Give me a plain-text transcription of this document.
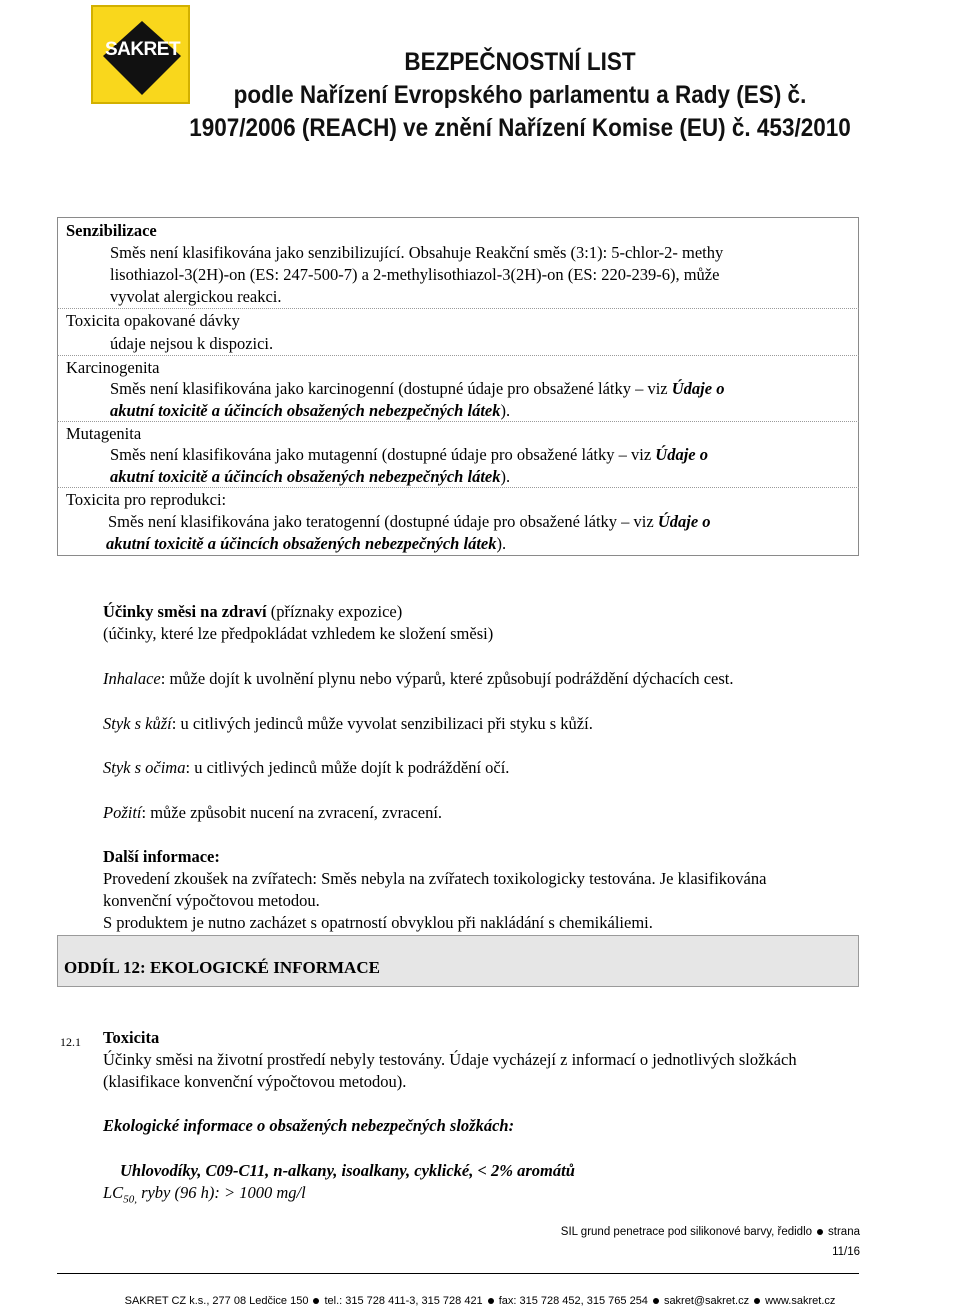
SAKRET	BEZPEČNOSTNÍ LIST
podle Nařízení Evropského parlamentu a Rady (ES) č.
1907/2006 (REACH) ve znění Nařízení Komise (EU) č. 453/2010
Senzibilizace
Směs není klasifikována jako senzibilizující. Obsahuje Reakční směs (3:1): 5-chlor-2- methy
lisothiazol-3(2H)-on (ES: 247-500-7) a 2-methylisothiazol-3(2H)-on (ES: 220-239-6), může
vyvolat alergickou reakci.
Toxicita opakované dávky
údaje nejsou k dispozici.
Karcinogenita
Směs není klasifikována jako karcinogenní (dostupné údaje pro obsažené látky – viz Údaje o
akutní toxicitě a účincích obsažených nebezpečných látek).
Mutagenita
Směs není klasifikována jako mutagenní (dostupné údaje pro obsažené látky – viz Údaje o
akutní toxicitě a účincích obsažených nebezpečných látek).
Toxicita pro reprodukci:
Směs není klasifikována jako teratogenní (dostupné údaje pro obsažené látky – viz Údaje o
akutní toxicitě a účincích obsažených nebezpečných látek).
Účinky směsi na zdraví (příznaky expozice)
(účinky, které lze předpokládat vzhledem ke složení směsi)
Inhalace: může dojít k uvolnění plynu nebo výparů, které způsobují podráždění dýchacích cest.
Styk s kůží: u citlivých jedinců může vyvolat senzibilizaci při styku s kůží.
Styk s očima: u citlivých jedinců může dojít k podráždění očí.
Požití: může způsobit nucení na zvracení, zvracení.
Další informace:
Provedení zkoušek na zvířatech: Směs nebyla na zvířatech toxikologicky testována. Je klasifikována
konvenční výpočtovou metodou.
S produktem je nutno zacházet s opatrností obvyklou při nakládání s chemikáliemi.
ODDÍL 12: EKOLOGICKÉ INFORMACE
12.1 Toxicita
Účinky směsi na životní prostředí nebyly testovány. Údaje vycházejí z informací o jednotlivých složkách
(klasifikace konvenční výpočtovou metodou).
Ekologické informace o obsažených nebezpečných složkách:
Uhlovodíky, C09-C11, n-alkany, isoalkany, cyklické, < 2% aromátů
$LC_{50,}$ ryby (96 h): > 1000 mg/l
SIL grund penetrace pod silikonové barvy, ředidlo strana
11/16
SAKRET CZ k.s., 277 08 Ledčice 150 tel.: 315 728 411-3, 315 728 421 fax: 315 728 452, 315 765 254 sakret@sakret.cz www.sakret.cz
